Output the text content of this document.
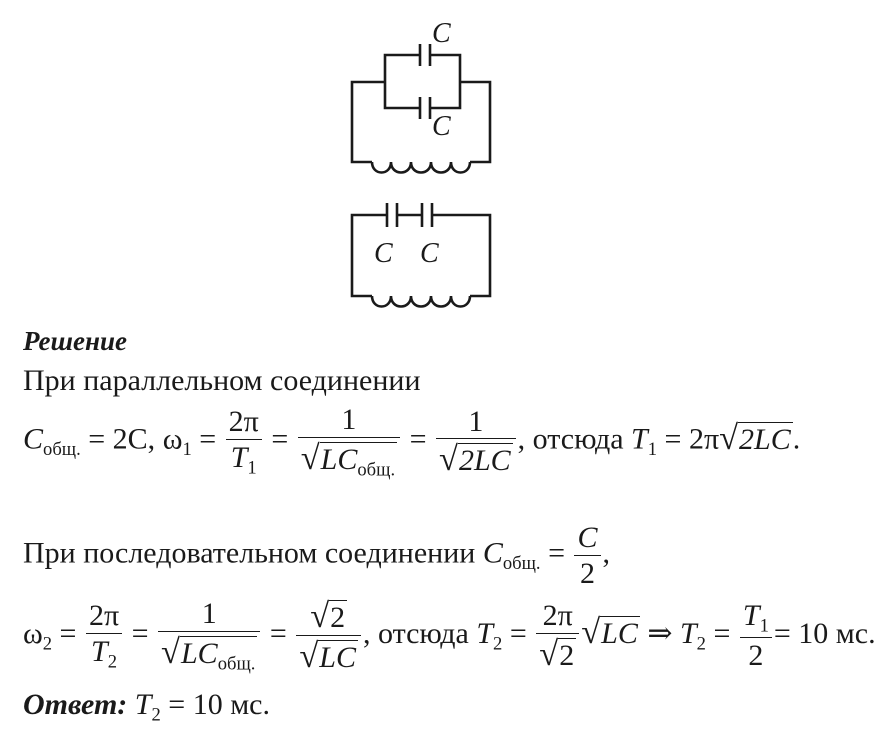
C
C
C C
Решение
При параллельном соединении
$C_{общ.} = 2C$, $\omega_1 = \frac{2\pi}{T_1} = \frac{1}{√LC_{общ.}} = \frac{1}{√2LC}$ , отсюда $T_1 = 2\pi√2LC$.
При последовательном соединении $C_{общ.} = \frac{C}{2}$ ,
$\omega_2 = \frac{2\pi}{T_2} = \frac{1}{√LC_{общ.}} = \frac{√2}{√LC}$ , отсюда $T_2 = \frac{2\pi}{√2} √LC$ ⇒ $T_2 = \frac{T_1}{2} = 10$ мс.
Ответ: $T_2 = 10$ мс.
